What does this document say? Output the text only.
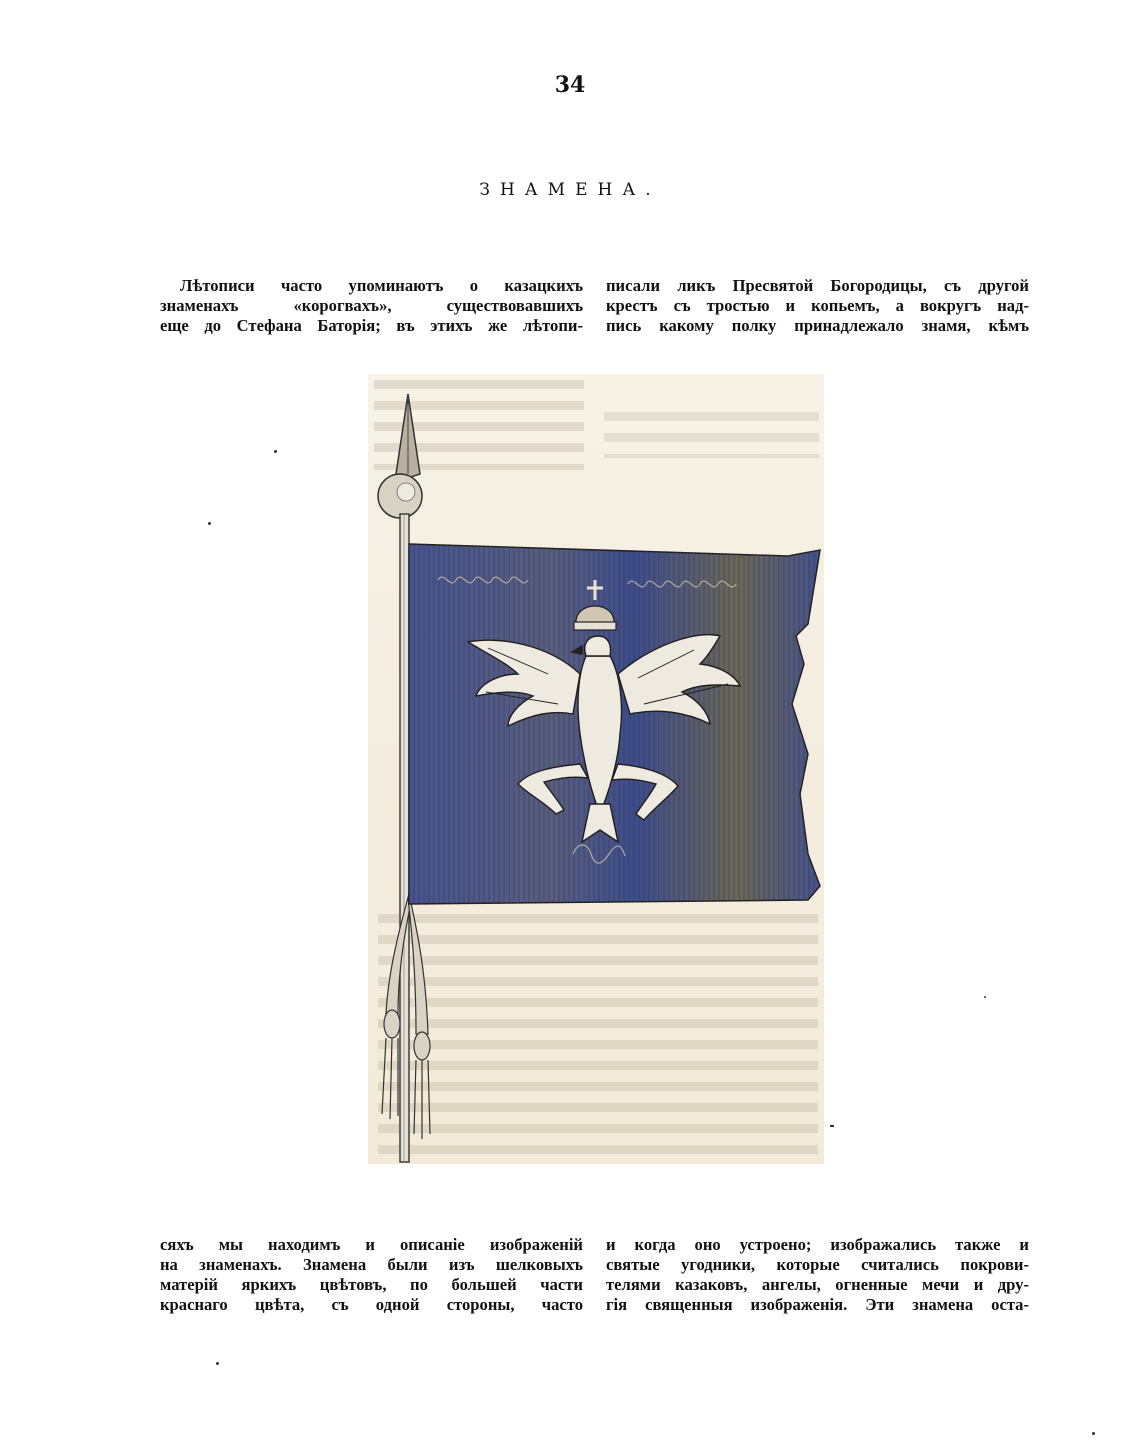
34
ЗНАМЕНА.
Лѣтописи часто упоминаютъ о казацкихъ
знаменахъ «корогвахъ», существовавшихъ
еще до Стефана Баторія; въ этихъ же лѣтопи-
писали ликъ Пресвятой Богородицы, съ другой
крестъ съ тростью и копьемъ, а вокругъ над-
пись какому полку принадлежало знамя, кѣмъ
сяхъ мы находимъ и описаніе изображеній
на знаменахъ. Знамена были изъ шелковыхъ
матерій яркихъ цвѣтовъ, по большей части
краснаго цвѣта, съ одной стороны, часто
и когда оно устроено; изображались также и
святые угодники, которые считались покрови-
телями казаковъ, ангелы, огненные мечи и дру-
гія священныя изображенія. Эти знамена оста-
